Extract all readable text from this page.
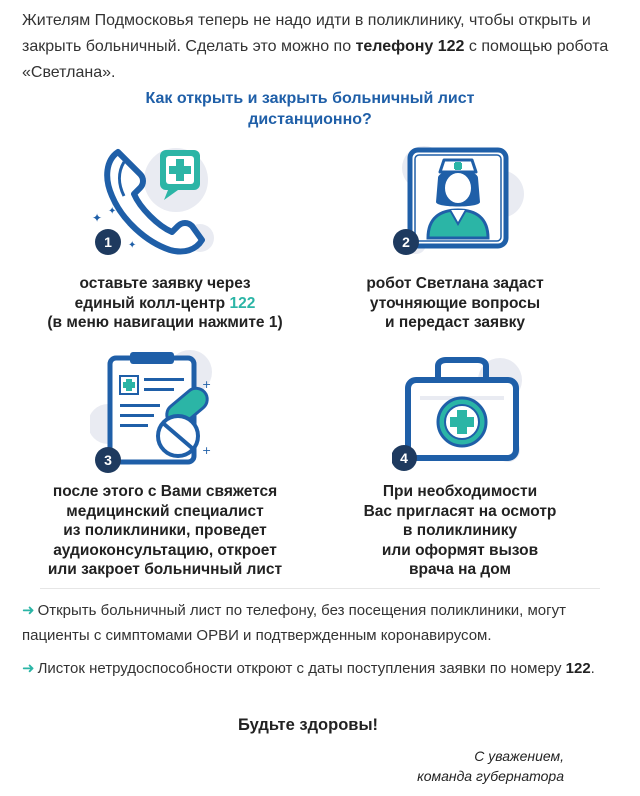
Жителям Подмосковья теперь не надо идти в поликлинику, чтобы открыть и закрыть больничный. Сделать это можно по телефону 122 с помощью робота «Светлана».
Как открыть и закрыть больничный лист
дистанционно?
✦ ✦
✦
1	2
оставьте заявку через
единый колл-центр 122
(в меню навигации нажмите 1)
робот Светлана задаст
уточняющие вопросы
и передаст заявку
+
+
3	4
после этого с Вами свяжется
медицинский специалист
из поликлиники, проведет
аудиоконсультацию, откроет
или закроет больничный лист
При необходимости
Вас пригласят на осмотр
в поликлинику
или оформят вызов
врача на дом
➜ Открыть больничный лист по телефону, без посещения поликлиники, могут пациенты с симптомами ОРВИ и подтвержденным коронавирусом.
➜ Листок нетрудоспособности откроют с даты поступления заявки по номеру 122.
Будьте здоровы!
С уважением,
команда губернатора
